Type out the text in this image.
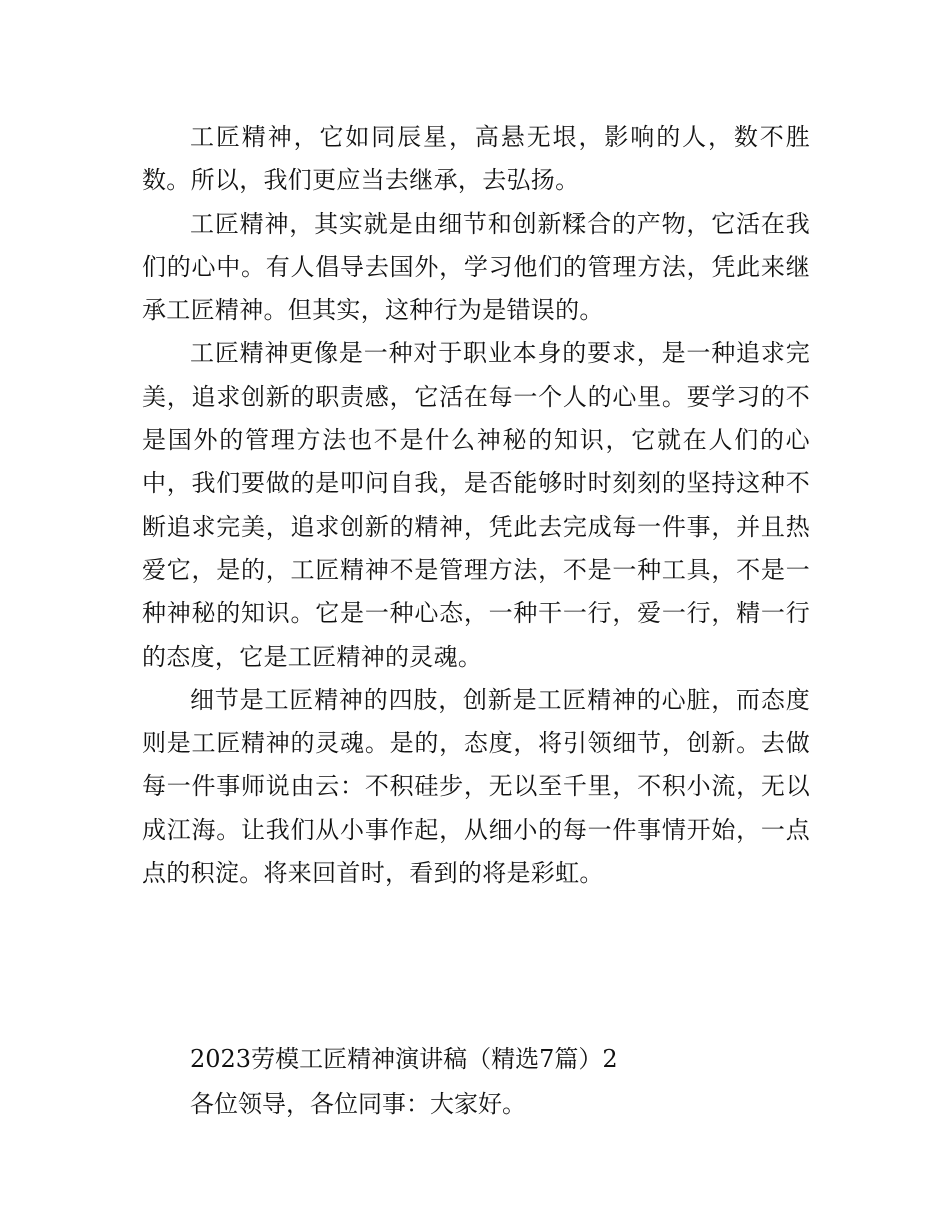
工匠精神，它如同辰星，高悬无垠，影响的人，数不胜数。所以，我们更应当去继承，去弘扬。

工匠精神，其实就是由细节和创新糅合的产物，它活在我们的心中。有人倡导去国外，学习他们的管理方法，凭此来继承工匠精神。但其实，这种行为是错误的。

工匠精神更像是一种对于职业本身的要求，是一种追求完美，追求创新的职责感，它活在每一个人的心里。要学习的不是国外的管理方法也不是什么神秘的知识，它就在人们的心中，我们要做的是叩问自我，是否能够时时刻刻的坚持这种不断追求完美，追求创新的精神，凭此去完成每一件事，并且热爱它，是的，工匠精神不是管理方法，不是一种工具，不是一种神秘的知识。它是一种心态，一种干一行，爱一行，精一行的态度，它是工匠精神的灵魂。

细节是工匠精神的四肢，创新是工匠精神的心脏，而态度则是工匠精神的灵魂。是的，态度，将引领细节，创新。去做每一件事师说由云：不积硅步，无以至千里，不积小流，无以成江海。让我们从小事作起，从细小的每一件事情开始，一点点的积淀。将来回首时，看到的将是彩虹。

2023劳模工匠精神演讲稿（精选7篇）2

各位领导，各位同事：大家好。
